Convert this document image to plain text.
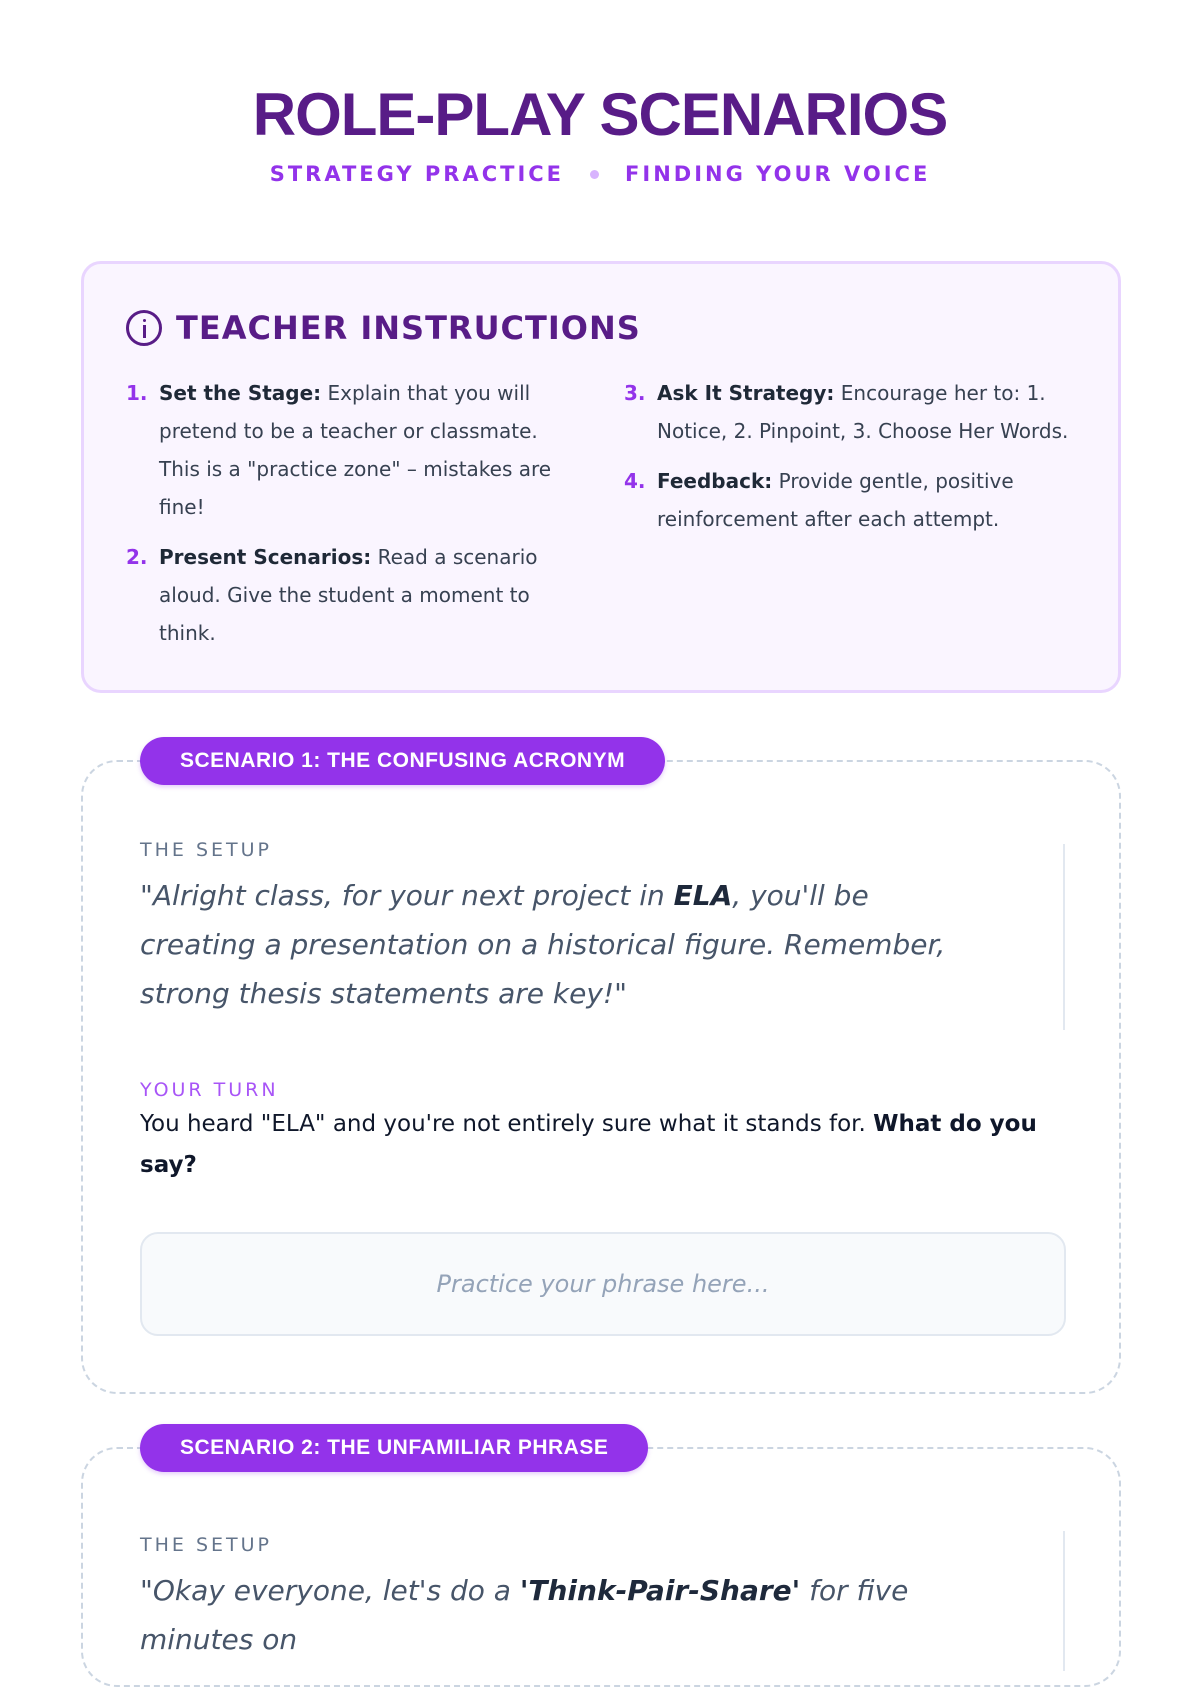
ROLE-PLAY SCENARIOS
STRATEGY PRACTICE	FINDING YOUR VOICE
TEACHER INSTRUCTIONS
1. Set the Stage: Explain that you will pretend to be a teacher or classmate. This is a "practice zone" – mistakes are fine!
2. Present Scenarios: Read a scenario aloud. Give the student a moment to think.
3. Ask It Strategy: Encourage her to: 1. Notice, 2. Pinpoint, 3. Choose Her Words.
4. Feedback: Provide gentle, positive reinforcement after each attempt.
SCENARIO 1: THE CONFUSING ACRONYM
THE SETUP

"Alright class, for your next project in ELA, you'll be creating a presentation on a historical figure. Remember, strong thesis statements are key!"

YOUR TURN

You heard "ELA" and you're not entirely sure what it stands for. What do you say?

Practice your phrase here...
SCENARIO 2: THE UNFAMILIAR PHRASE
THE SETUP

"Okay everyone, let's do a 'Think-Pair-Share' for five minutes on
